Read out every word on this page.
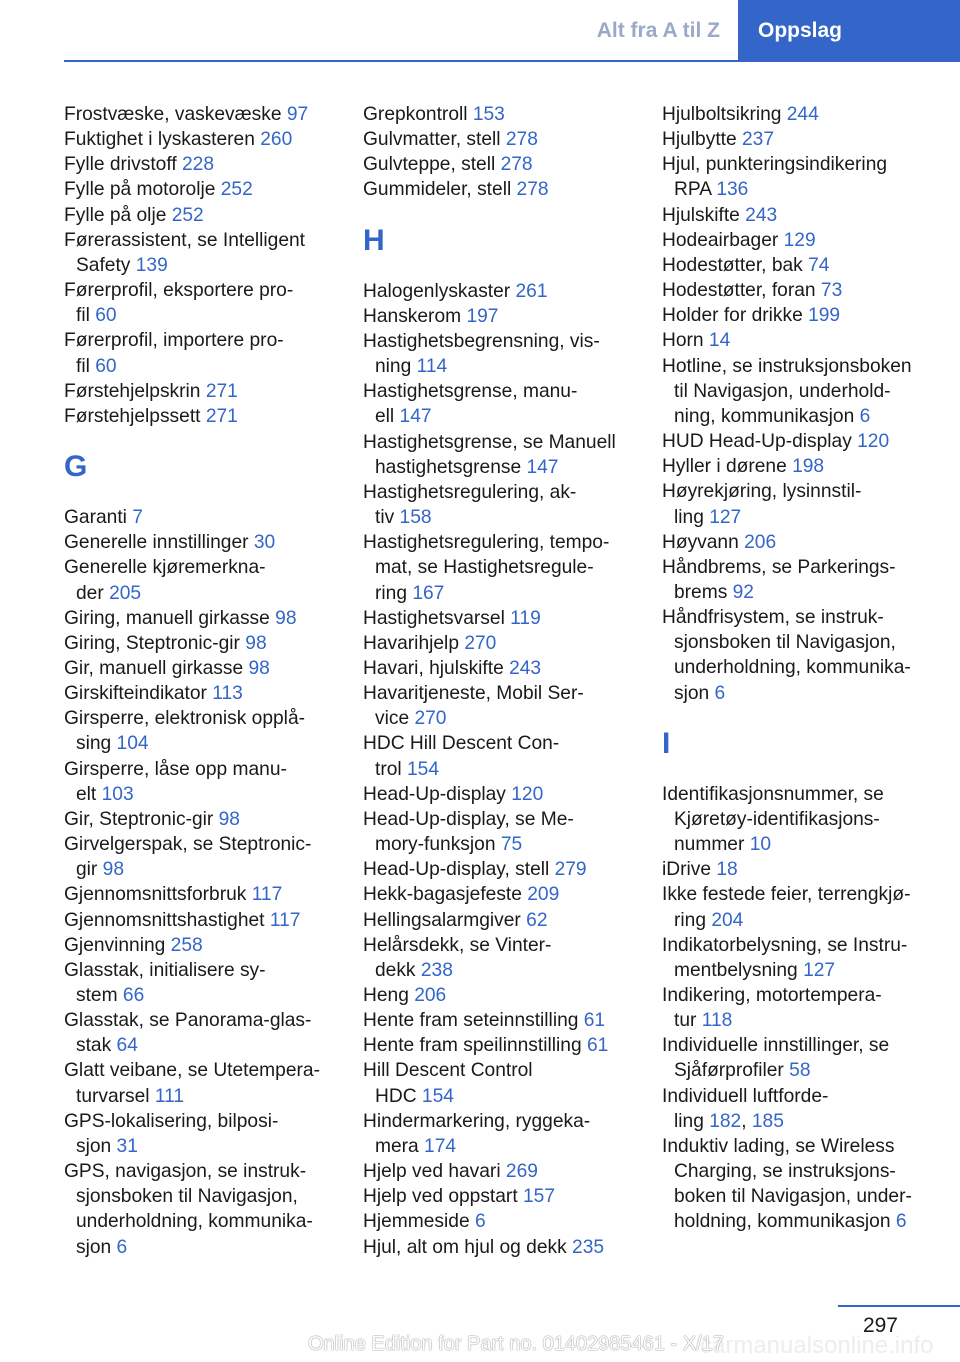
Alt fra A til Z	Oppslag
Frostvæske, vaskevæske 97
Fuktighet i lyskasteren 260
Fylle drivstoff 228
Fylle på motorolje 252
Fylle på olje 252
Førerassistent, se Intelligent
Safety 139
Førerprofil, eksportere pro-
fil 60
Førerprofil, importere pro-
fil 60
Førstehjelpskrin 271
Førstehjelpssett 271
G
Garanti 7
Generelle innstillinger 30
Generelle kjøremerkna-
der 205
Giring, manuell girkasse 98
Giring, Steptronic-gir 98
Gir, manuell girkasse 98
Girskifteindikator 113
Girsperre, elektronisk opplå-
sing 104
Girsperre, låse opp manu-
elt 103
Gir, Steptronic-gir 98
Girvelgerspak, se Steptronic-
gir 98
Gjennomsnittsforbruk 117
Gjennomsnittshastighet 117
Gjenvinning 258
Glasstak, initialisere sy-
stem 66
Glasstak, se Panorama-glas-
stak 64
Glatt veibane, se Utetempera-
turvarsel 111
GPS-lokalisering, bilposi-
sjon 31
GPS, navigasjon, se instruk-
sjonsboken til Navigasjon,
underholdning, kommunika-
sjon 6
Grepkontroll 153
Gulvmatter, stell 278
Gulvteppe, stell 278
Gummideler, stell 278
H
Halogenlyskaster 261
Hanskerom 197
Hastighetsbegrensning, vis-
ning 114
Hastighetsgrense, manu-
ell 147
Hastighetsgrense, se Manuell
hastighetsgrense 147
Hastighetsregulering, ak-
tiv 158
Hastighetsregulering, tempo-
mat, se Hastighetsregule-
ring 167
Hastighetsvarsel 119
Havarihjelp 270
Havari, hjulskifte 243
Havaritjeneste, Mobil Ser-
vice 270
HDC Hill Descent Con-
trol 154
Head-Up-display 120
Head-Up-display, se Me-
mory-funksjon 75
Head-Up-display, stell 279
Hekk-bagasjefeste 209
Hellingsalarmgiver 62
Helårsdekk, se Vinter-
dekk 238
Heng 206
Hente fram seteinnstilling 61
Hente fram speilinnstilling 61
Hill Descent Control
HDC 154
Hindermarkering, ryggeka-
mera 174
Hjelp ved havari 269
Hjelp ved oppstart 157
Hjemmeside 6
Hjul, alt om hjul og dekk 235
Hjulboltsikring 244
Hjulbytte 237
Hjul, punkteringsindikering
RPA 136
Hjulskifte 243
Hodeairbager 129
Hodestøtter, bak 74
Hodestøtter, foran 73
Holder for drikke 199
Horn 14
Hotline, se instruksjonsboken
til Navigasjon, underhold-
ning, kommunikasjon 6
HUD Head-Up-display 120
Hyller i dørene 198
Høyrekjøring, lysinnstil-
ling 127
Høyvann 206
Håndbrems, se Parkerings-
brems 92
Håndfrisystem, se instruk-
sjonsboken til Navigasjon,
underholdning, kommunika-
sjon 6
I
Identifikasjonsnummer, se
Kjøretøy-identifikasjons-
nummer 10
iDrive 18
Ikke festede feier, terrengkjø-
ring 204
Indikatorbelysning, se Instru-
mentbelysning 127
Indikering, motortempera-
tur 118
Individuelle innstillinger, se
Sjåførprofiler 58
Individuell luftforde-
ling 182, 185
Induktiv lading, se Wireless
Charging, se instruksjons-
boken til Navigasjon, under-
holdning, kommunikasjon 6
297
carmanualsonline.info
Online Edition for Part no. 01402985461 - X/17
